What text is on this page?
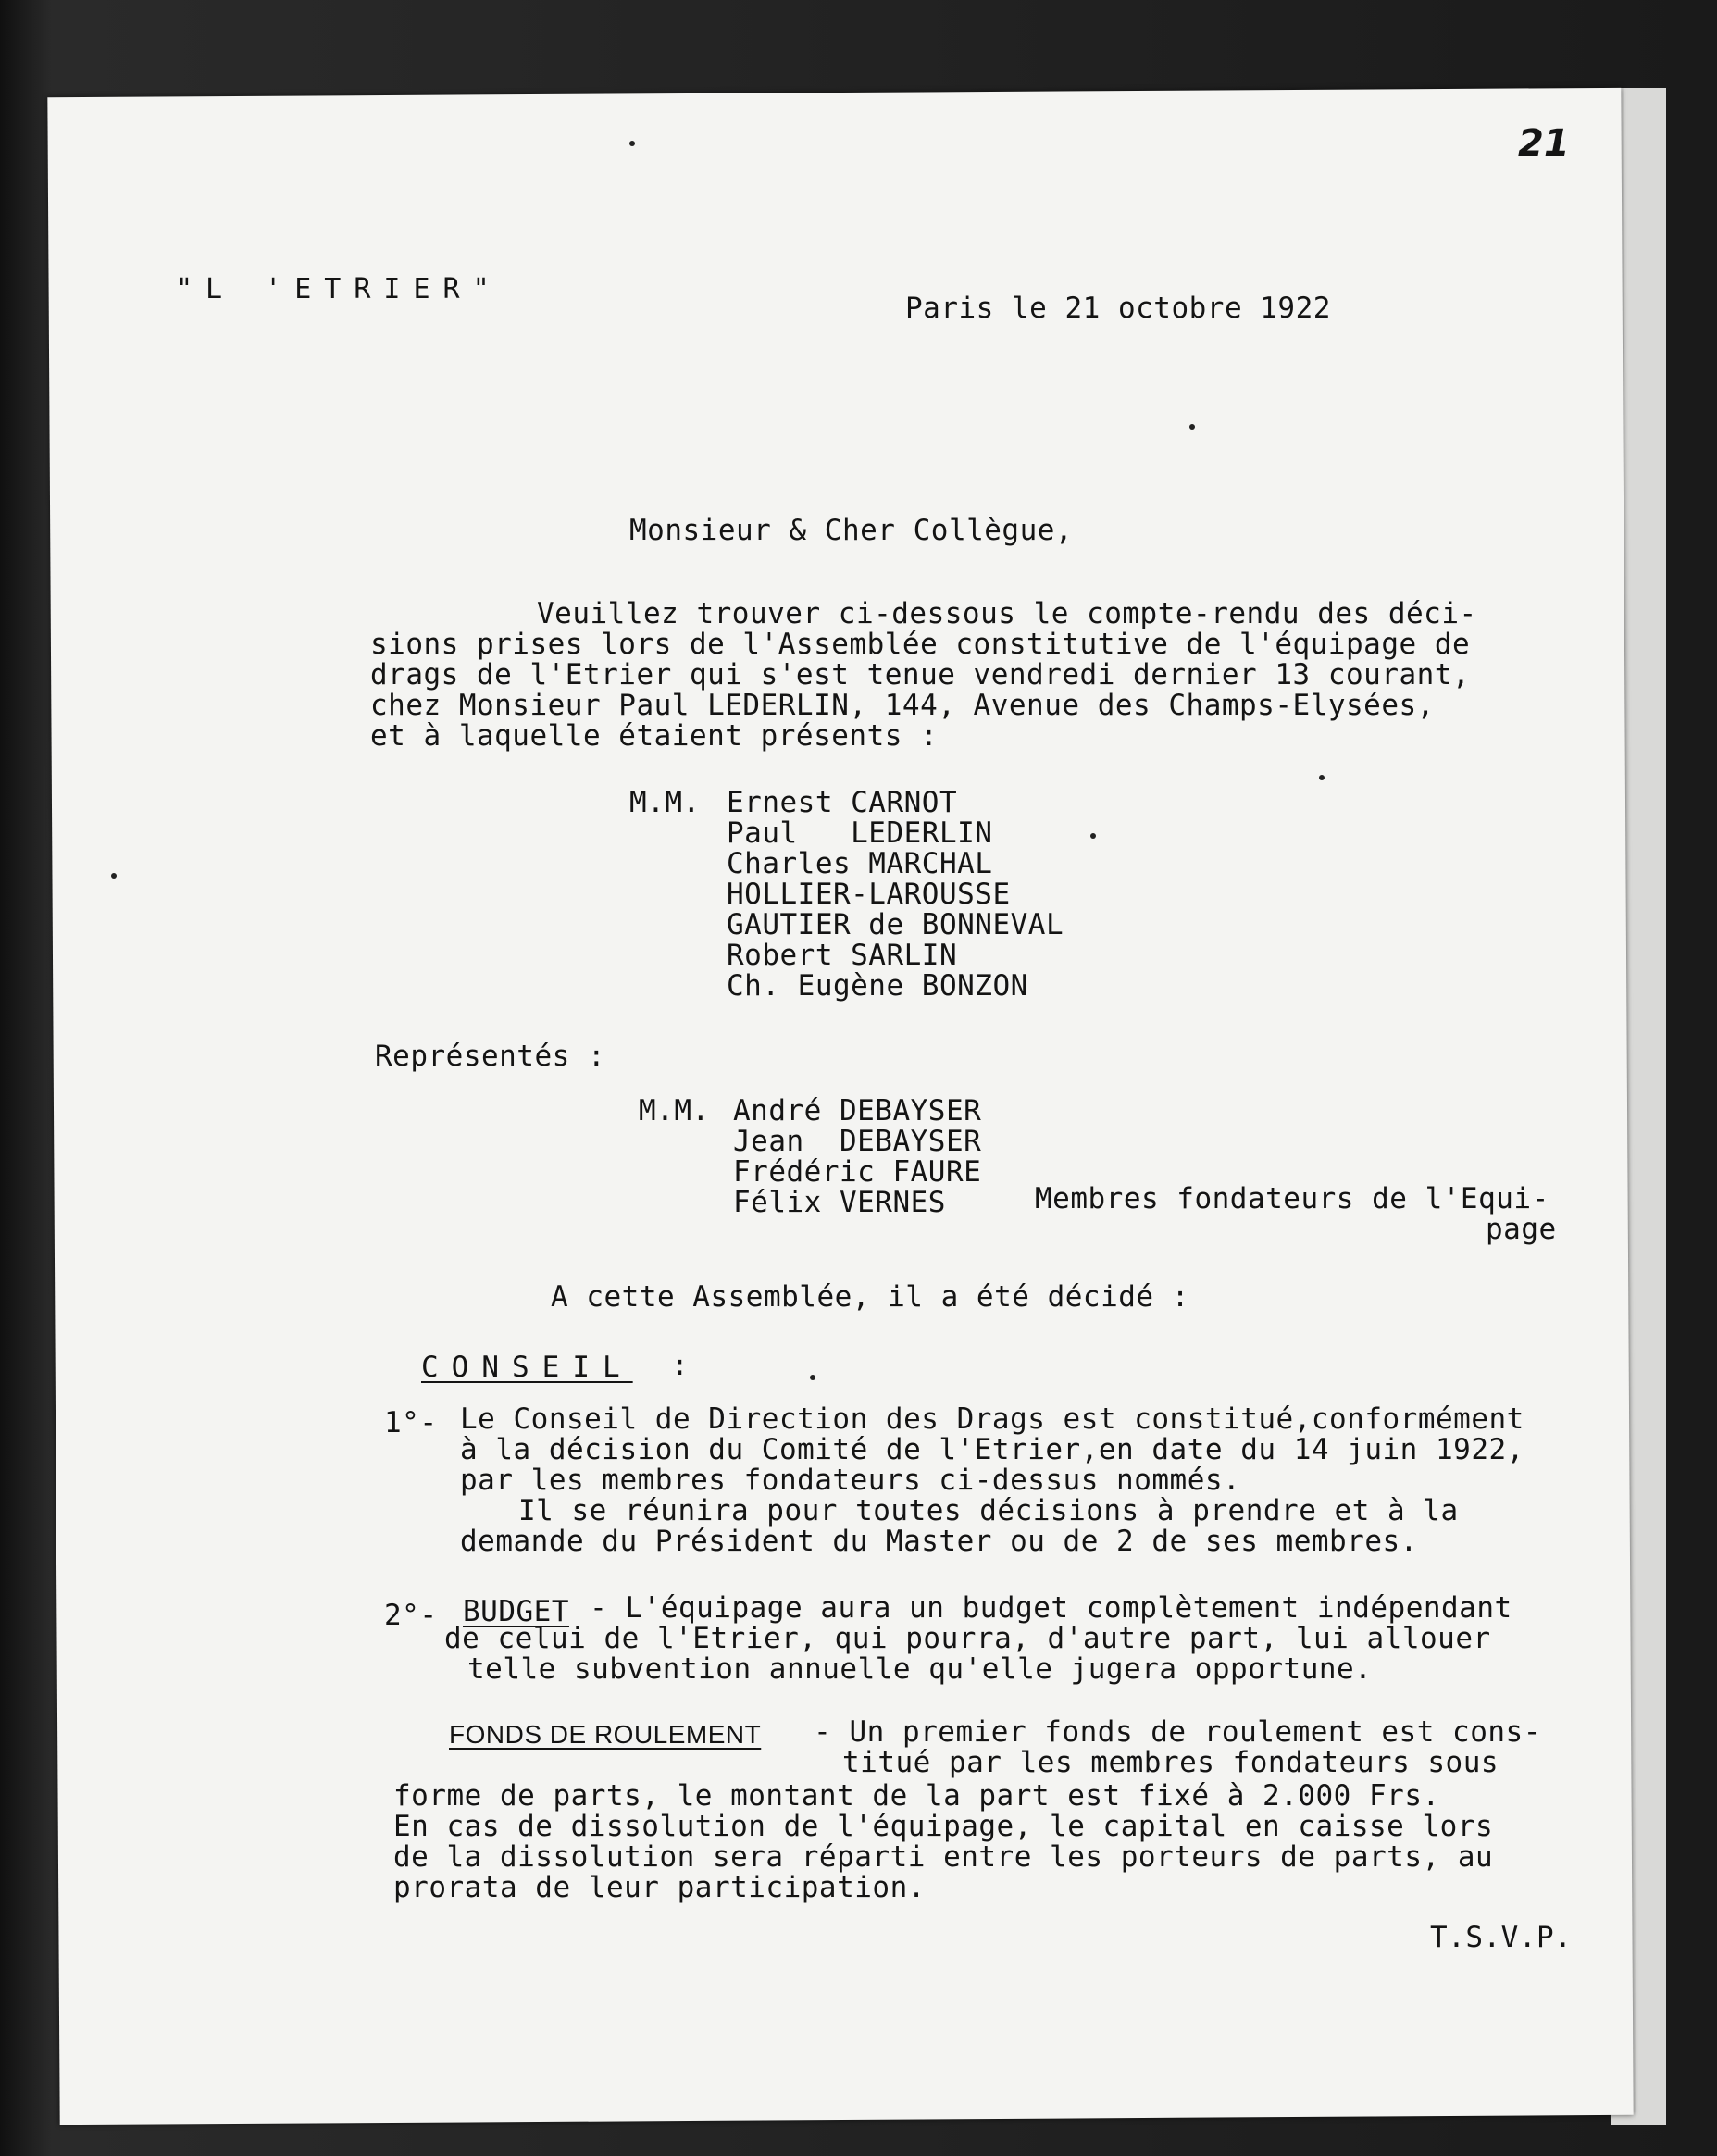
21
"L 'ETRIER"
Paris le 21 octobre 1922
Monsieur & Cher Collègue,
Veuillez trouver ci-dessous le compte-rendu des déci-
sions prises lors de l'Assemblée constitutive de l'équipage de
drags de l'Etrier qui s'est tenue vendredi dernier 13 courant,
chez Monsieur Paul LEDERLIN, 144, Avenue des Champs-Elysées,
et à laquelle étaient présents :
M.M. Ernest CARNOT
Paul   LEDERLIN
Charles MARCHAL
HOLLIER-LAROUSSE
GAUTIER de BONNEVAL
Robert SARLIN
Ch. Eugène BONZON
Représentés :
M.M. André DEBAYSER
Jean  DEBAYSER
Frédéric FAURE
Félix VERNES	Membres fondateurs de l'Equi-
page
A cette Assemblée, il a été décidé :
CONSEIL :
1°- Le Conseil de Direction des Drags est constitué,conformément
à la décision du Comité de l'Etrier,en date du 14 juin 1922,
par les membres fondateurs ci-dessus nommés.
Il se réunira pour toutes décisions à prendre et à la
demande du Président du Master ou de 2 de ses membres.
2°- BUDGET - L'équipage aura un budget complètement indépendant
de celui de l'Etrier, qui pourra, d'autre part, lui allouer
telle subvention annuelle qu'elle jugera opportune.
FONDS DE ROULEMENT - Un premier fonds de roulement est cons-
titué par les membres fondateurs sous
forme de parts, le montant de la part est fixé à 2.000 Frs.
En cas de dissolution de l'équipage, le capital en caisse lors
de la dissolution sera réparti entre les porteurs de parts, au
prorata de leur participation.
T.S.V.P.
